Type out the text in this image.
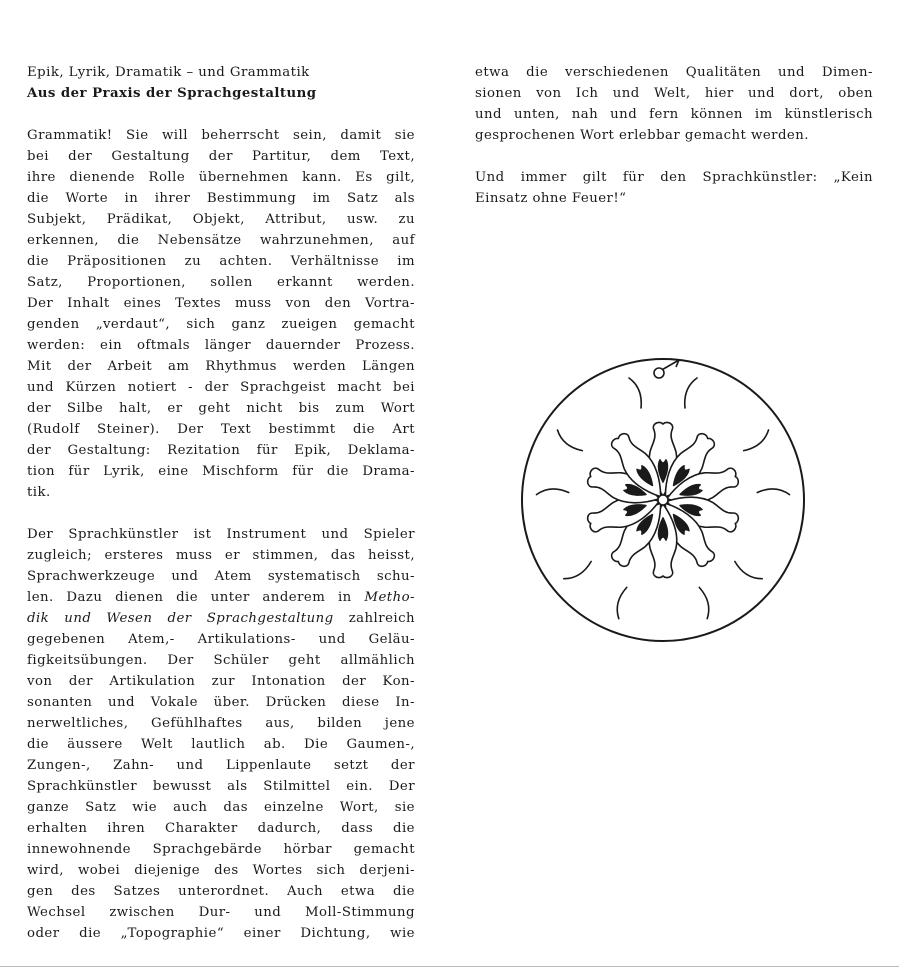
Epik, Lyrik, Dramatik – und Grammatik

Aus der Praxis der Sprachgestaltung

Grammatik! Sie will beherrscht sein, damit sie

bei der Gestaltung der Partitur, dem Text,

ihre dienende Rolle übernehmen kann. Es gilt,

die Worte in ihrer Bestimmung im Satz als

Subjekt, Prädikat, Objekt, Attribut, usw. zu

erkennen, die Nebensätze wahrzunehmen, auf

die Präpositionen zu achten. Verhältnisse im

Satz, Proportionen, sollen erkannt werden.

Der Inhalt eines Textes muss von den Vortra-

genden „verdaut“, sich ganz zueigen gemacht

werden: ein oftmals länger dauernder Prozess.

Mit der Arbeit am Rhythmus werden Längen

und Kürzen notiert - der Sprachgeist macht bei

der Silbe halt, er geht nicht bis zum Wort

(Rudolf Steiner). Der Text bestimmt die Art

der Gestaltung: Rezitation für Epik, Deklama-

tion für Lyrik, eine Mischform für die Drama-

tik.

Der Sprachkünstler ist Instrument und Spieler

zugleich; ersteres muss er stimmen, das heisst,

Sprachwerkzeuge und Atem systematisch schu-

len. Dazu dienen die unter anderem in Metho-

dik und Wesen der Sprachgestaltung zahlreich

gegebenen Atem,- Artikulations- und Geläu-

figkeitsübungen. Der Schüler geht allmählich

von der Artikulation zur Intonation der Kon-

sonanten und Vokale über. Drücken diese In-

nerweltliches, Gefühlhaftes aus, bilden jene

die äussere Welt lautlich ab. Die Gaumen-,

Zungen-, Zahn- und Lippenlaute setzt der

Sprachkünstler bewusst als Stilmittel ein. Der

ganze Satz wie auch das einzelne Wort, sie

erhalten ihren Charakter dadurch, dass die

innewohnende Sprachgebärde hörbar gemacht

wird, wobei diejenige des Wortes sich derjeni-

gen des Satzes unterordnet. Auch etwa die

Wechsel zwischen Dur- und Moll-Stimmung

oder die „Topographie“ einer Dichtung, wie

etwa die verschiedenen Qualitäten und Dimen-

sionen von Ich und Welt, hier und dort, oben

und unten, nah und fern können im künstlerisch

gesprochenen Wort erlebbar gemacht werden.

Und immer gilt für den Sprachkünstler: „Kein

Einsatz ohne Feuer!“
